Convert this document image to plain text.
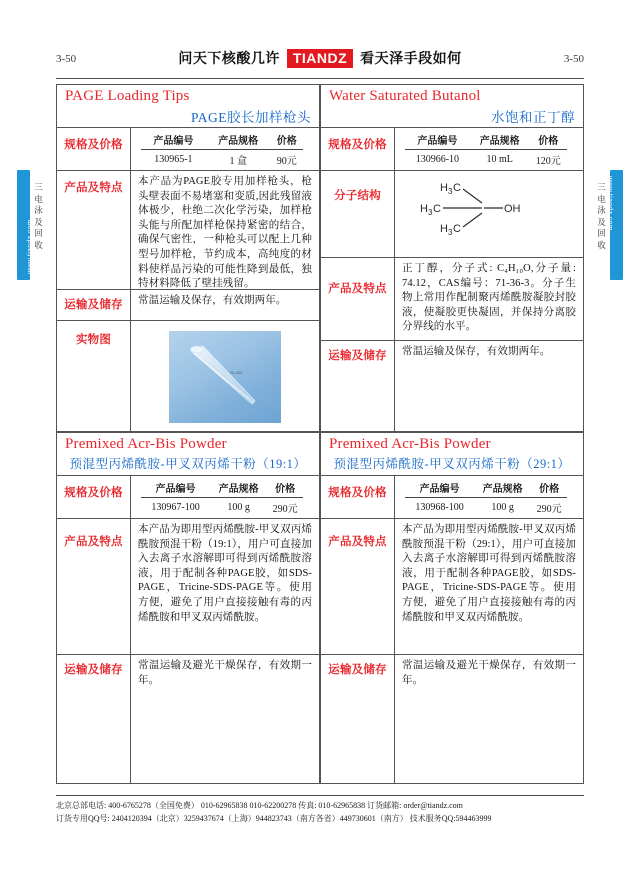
www.tiandz.com
三
电
泳
及
回
收
www.tiandz.com
三
电
泳
及
回
收
3-50	问天下核酸几许 TIANDZ 看天泽手段如何	3-50
PAGE Loading Tips
PAGE胶长加样枪头
规格及价格	产品编号	产品规格	价格
130965-1	1 盒	90元
产品及特点
本产品为PAGE胶专用加样枪头，枪头壁表面不易堵塞和变质,因此残留液体极少，杜绝二次化学污染，加样枪头能与所配加样枪保持紧密的结合，确保气密性，一种枪头可以配上几种型号加样枪，节约成本，高纯度的材料使样品污染的可能性降到最低，独特材料降低了壁挂残留。
运输及储存	常温运输及保存，有效期两年。
实物图
TD-200
Water Saturated Butanol
水饱和正丁醇
规格及价格	产品编号	产品规格	价格
130966-10	10 mL	120元
分子结构
H 3 C
H 3 C
H 3 C
OH
产品及特点
正丁醇，分子式: C₄H₁₀O,分子量: 74.12，CAS编号：71-36-3。分子生物上常用作配制聚丙烯酰胺凝胶封胶液，使凝胶更快凝固，并保持分离胶分界线的水平。
运输及储存	常温运输及保存，有效期两年。
Premixed Acr-Bis Powder
预混型丙烯酰胺-甲叉双丙烯干粉（19:1）
规格及价格	产品编号	产品规格	价格
130967-100	100 g	290元
产品及特点
本产品为即用型丙烯酰胺-甲叉双丙烯酰胺预混干粉（19:1），用户可直接加入去离子水溶解即可得到丙烯酰胺溶液，用于配制各种PAGE胶，如SDS-PAGE，Tricine-SDS-PAGE等。使用方便，避免了用户直接接触有毒的丙烯酰胺和甲叉双丙烯酰胺。
运输及储存	常温运输及避光干燥保存，有效期一年。
Premixed Acr-Bis Powder
预混型丙烯酰胺-甲叉双丙烯干粉（29:1）
规格及价格	产品编号	产品规格	价格
130968-100	100 g	290元
产品及特点
本产品为即用型丙烯酰胺-甲叉双丙烯酰胺预混干粉（29:1），用户可直接加入去离子水溶解即可得到丙烯酰胺溶液，用于配制各种PAGE胶，如SDS-PAGE，Tricine-SDS-PAGE等。使用方便，避免了用户直接接触有毒的丙烯酰胺和甲叉双丙烯酰胺。
运输及储存	常温运输及避光干燥保存，有效期一年。
北京总部电话: 400-6765278（全国免费） 010-62965838 010-62200278 传真: 010-62965838 订货邮箱: order@tiandz.com
订货专用QQ号: 2404120394（北京）3259437674（上海）944823743（南方各省）449730601（南方） 技术服务QQ:594463999
